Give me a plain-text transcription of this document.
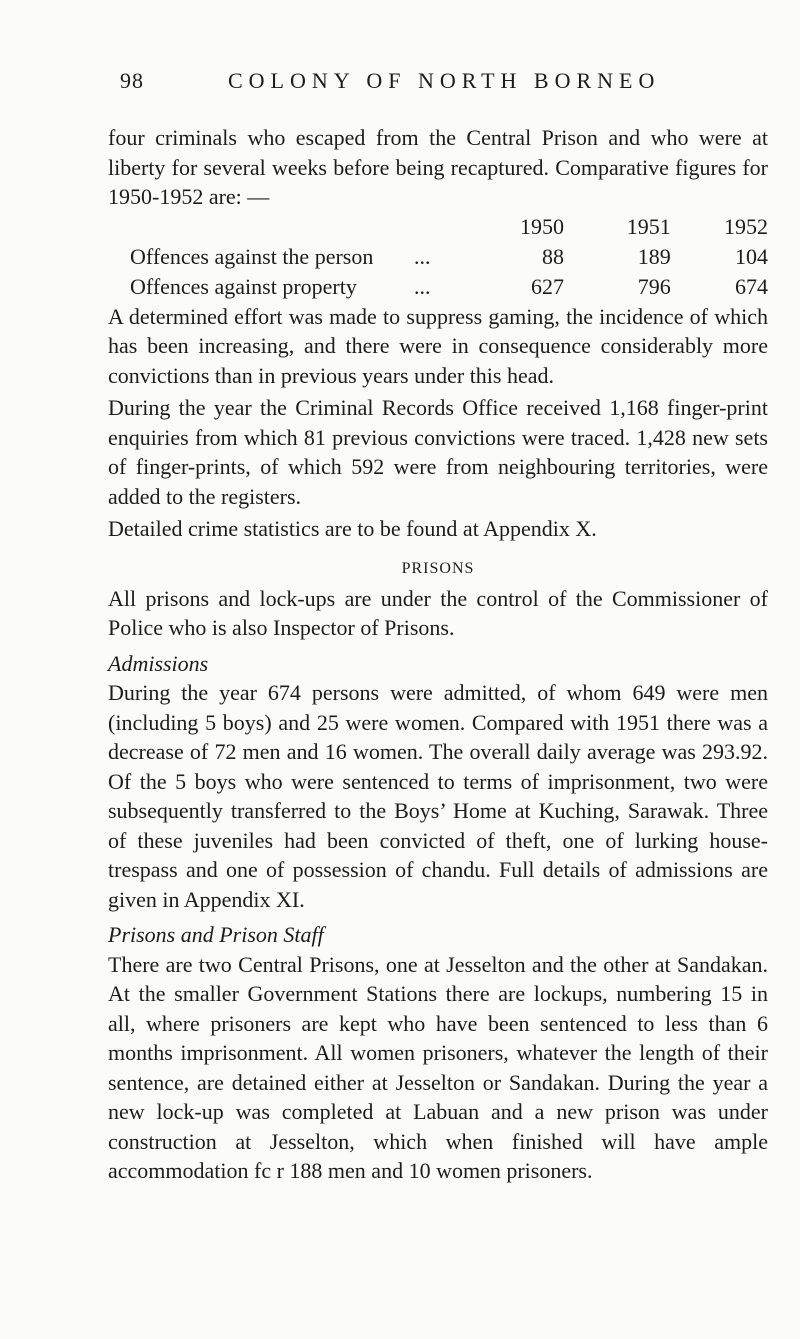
98	COLONY OF NORTH BORNEO

four criminals who escaped from the Central Prison and who were at liberty for several weeks before being recaptured. Comparative figures for 1950-1952 are: —

	1950	1951	1952
Offences against the person ...	88	189	104
Offences against property ...	627	796	674

A determined effort was made to suppress gaming, the incidence of which has been increasing, and there were in consequence considerably more convictions than in previous years under this head.

During the year the Criminal Records Office received 1,168 finger-print enquiries from which 81 previous convictions were traced. 1,428 new sets of finger-prints, of which 592 were from neighbouring territories, were added to the registers.

Detailed crime statistics are to be found at Appendix X.

PRISONS

All prisons and lock-ups are under the control of the Commissioner of Police who is also Inspector of Prisons.

Admissions

During the year 674 persons were admitted, of whom 649 were men (including 5 boys) and 25 were women. Compared with 1951 there was a decrease of 72 men and 16 women. The overall daily average was 293.92. Of the 5 boys who were sentenced to terms of imprisonment, two were subsequently transferred to the Boys’ Home at Kuching, Sarawak. Three of these juveniles had been convicted of theft, one of lurking house-trespass and one of possession of chandu. Full details of admissions are given in Appendix XI.

Prisons and Prison Staff

There are two Central Prisons, one at Jesselton and the other at Sandakan. At the smaller Government Stations there are lockups, numbering 15 in all, where prisoners are kept who have been sentenced to less than 6 months imprisonment. All women prisoners, whatever the length of their sentence, are detained either at Jesselton or Sandakan. During the year a new lock-up was completed at Labuan and a new prison was under construction at Jesselton, which when finished will have ample accommodation fc r 188 men and 10 women prisoners.
